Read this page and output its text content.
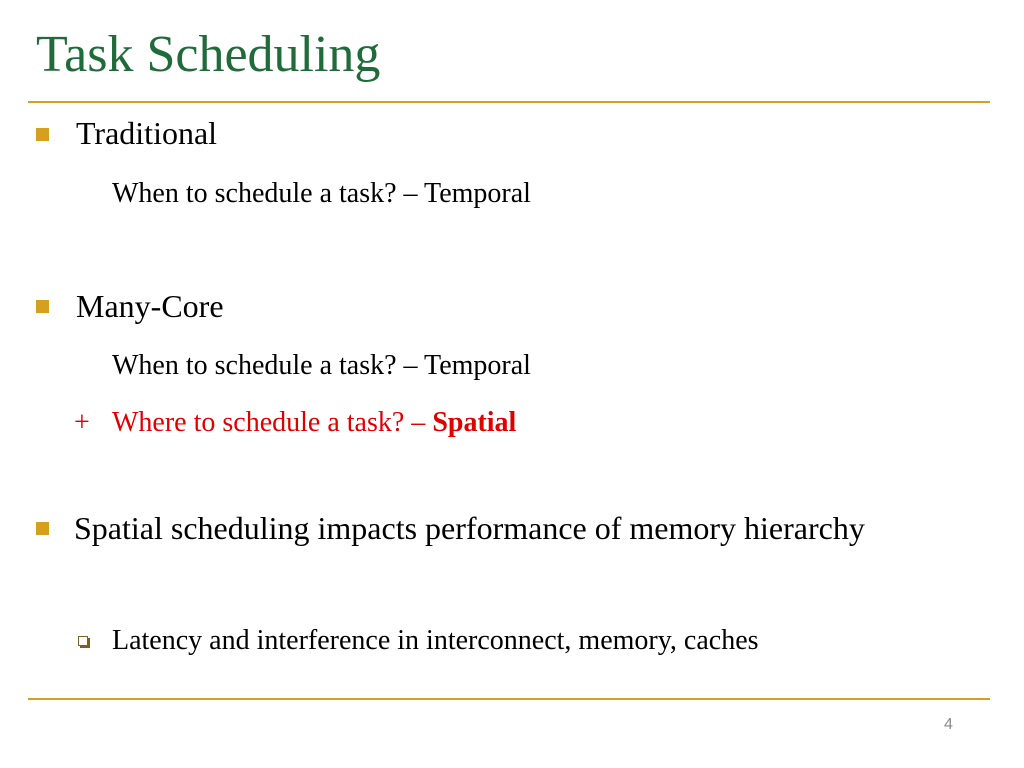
Task Scheduling
Traditional
When to schedule a task? – Temporal
Many-Core
When to schedule a task? – Temporal
+ Where to schedule a task? – Spatial
Spatial scheduling impacts performance of memory hierarchy
Latency and interference in interconnect, memory, caches
4
